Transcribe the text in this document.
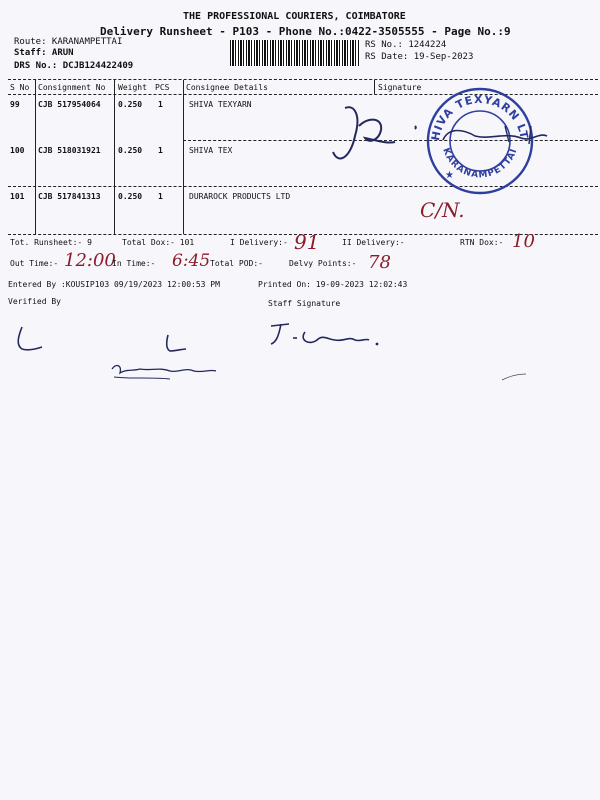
THE PROFESSIONAL COURIERS, COIMBATORE
Delivery Runsheet - P103 - Phone No.:0422-3505555 - Page No.:9
Route: KARANAMPETTAI
Staff: ARUN
DRS No.: DCJB124422409
RS No.: 1244224
RS Date: 19-Sep-2023
S No Consignment No Weight PCS Consignee Details	Signature
99 CJB 517954064 0.250 1	SHIVA TEXYARN
100 CJB 518031921 0.250 1	SHIVA TEX
101 CJB 517841313 0.250 1	DURAROCK PRODUCTS LTD
SHIVA TEXYARN LTD
KARANAMPETTAI
★
C/N.
Tot. Runsheet:- 9	Total Dox:- 101	I Delivery:- 91	II Delivery:-	RTN Dox:- 10
Out Time:- 12:00
In Time:- 6:45 Total POD:-	Delvy Points:- 78
Entered By :KOUSIP103 09/19/2023 12:00:53 PM	Printed On: 19-09-2023 12:02:43
Verified By	Staff Signature
